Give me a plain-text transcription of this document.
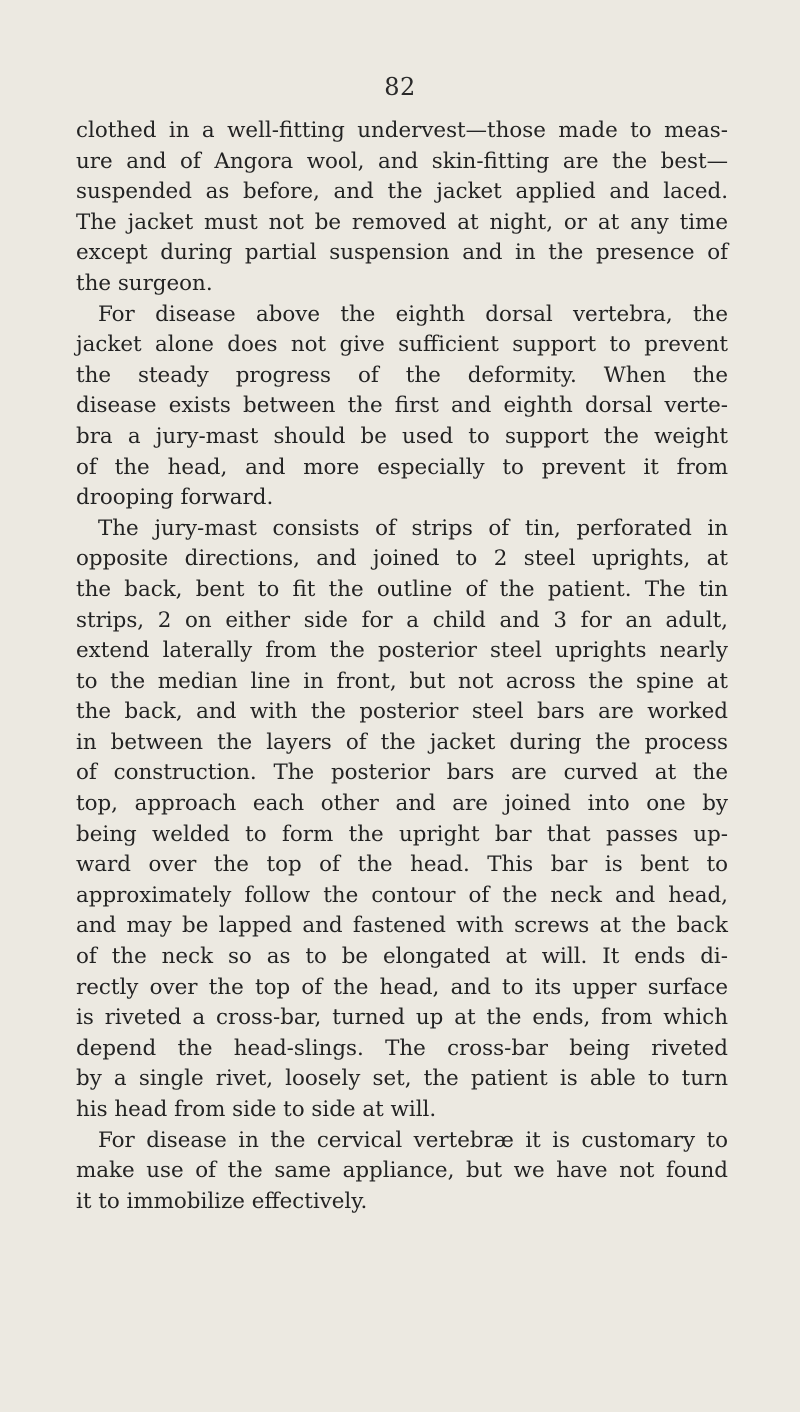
82
clothed in a well-fitting undervest—those made to meas-
ure and of Angora wool, and skin-fitting are the best—
suspended as before, and the jacket applied and laced.
The jacket must not be removed at night, or at any time
except during partial suspension and in the presence of
the surgeon.
For disease above the eighth dorsal vertebra, the
jacket alone does not give sufficient support to prevent
the steady progress of the deformity. When the
disease exists between the first and eighth dorsal verte-
bra a jury-mast should be used to support the weight
of the head, and more especially to prevent it from
drooping forward.
The jury-mast consists of strips of tin, perforated in
opposite directions, and joined to 2 steel uprights, at
the back, bent to fit the outline of the patient. The tin
strips, 2 on either side for a child and 3 for an adult,
extend laterally from the posterior steel uprights nearly
to the median line in front, but not across the spine at
the back, and with the posterior steel bars are worked
in between the layers of the jacket during the process
of construction. The posterior bars are curved at the
top, approach each other and are joined into one by
being welded to form the upright bar that passes up-
ward over the top of the head. This bar is bent to
approximately follow the contour of the neck and head,
and may be lapped and fastened with screws at the back
of the neck so as to be elongated at will. It ends di-
rectly over the top of the head, and to its upper surface
is riveted a cross-bar, turned up at the ends, from which
depend the head-slings. The cross-bar being riveted
by a single rivet, loosely set, the patient is able to turn
his head from side to side at will.
For disease in the cervical vertebræ it is customary to
make use of the same appliance, but we have not found
it to immobilize effectively.
